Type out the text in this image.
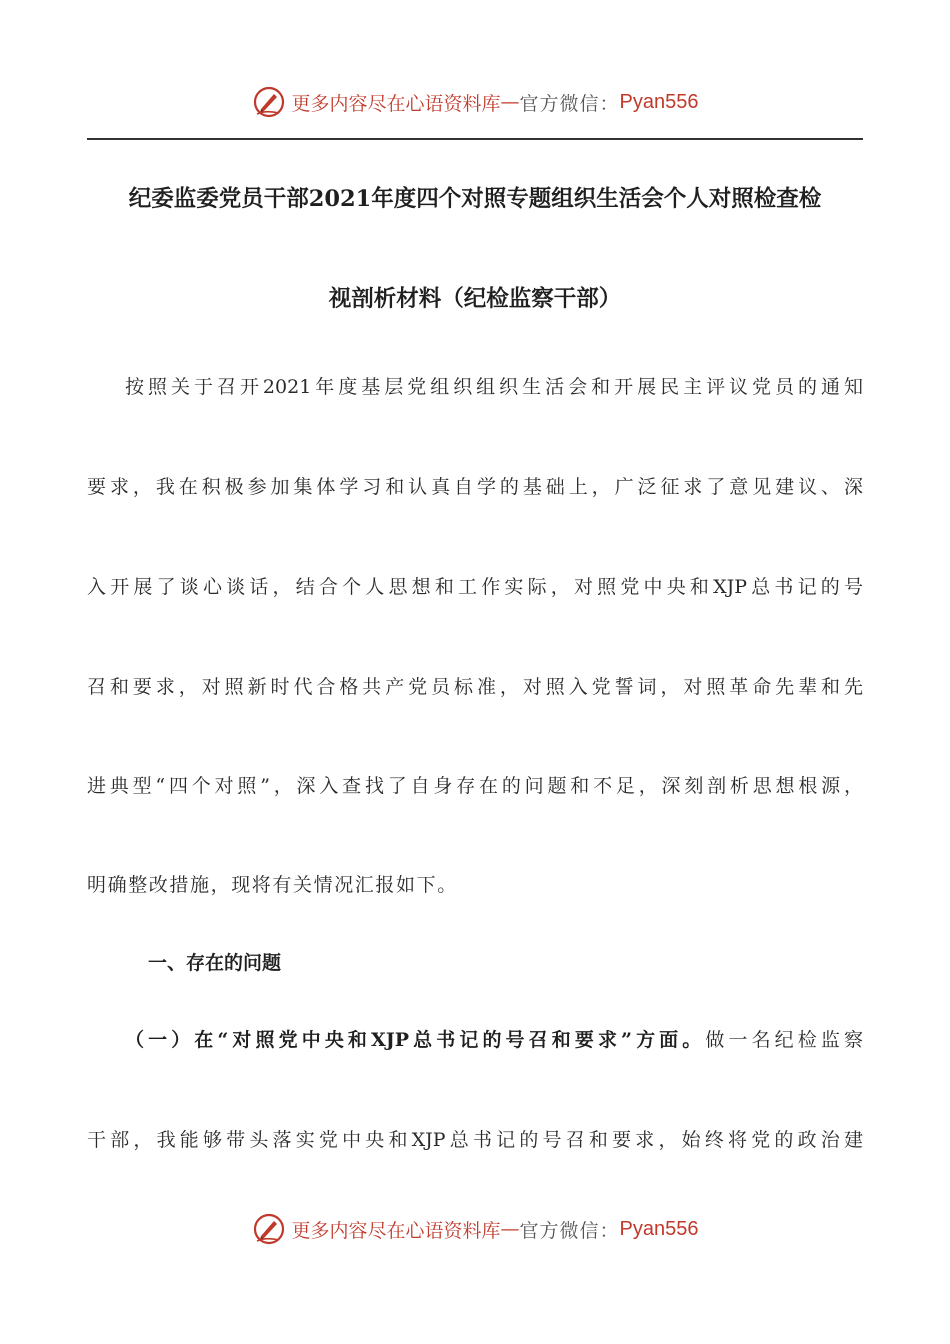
更多内容尽在心语资料库 — 官方微信： Pyan556
纪委监委党员干部2021年度四个对照专题组织生活会个人对照检查检
视剖析材料（纪检监察干部）
按照关于召开2021年度基层党组织组织生活会和开展民主评议党员的通知
要求，我在积极参加集体学习和认真自学的基础上，广泛征求了意见建议、深
入开展了谈心谈话，结合个人思想和工作实际，对照党中央和XJP总书记的号
召和要求，对照新时代合格共产党员标准，对照入党誓词，对照革命先辈和先
进典型“四个对照”，深入查找了自身存在的问题和不足，深刻剖析思想根源，
明确整改措施，现将有关情况汇报如下。
一、存在的问题
（一）在“对照党中央和XJP总书记的号召和要求”方面。做一名纪检监察
干部，我能够带头落实党中央和XJP总书记的号召和要求，始终将党的政治建
更多内容尽在心语资料库 — 官方微信： Pyan556
